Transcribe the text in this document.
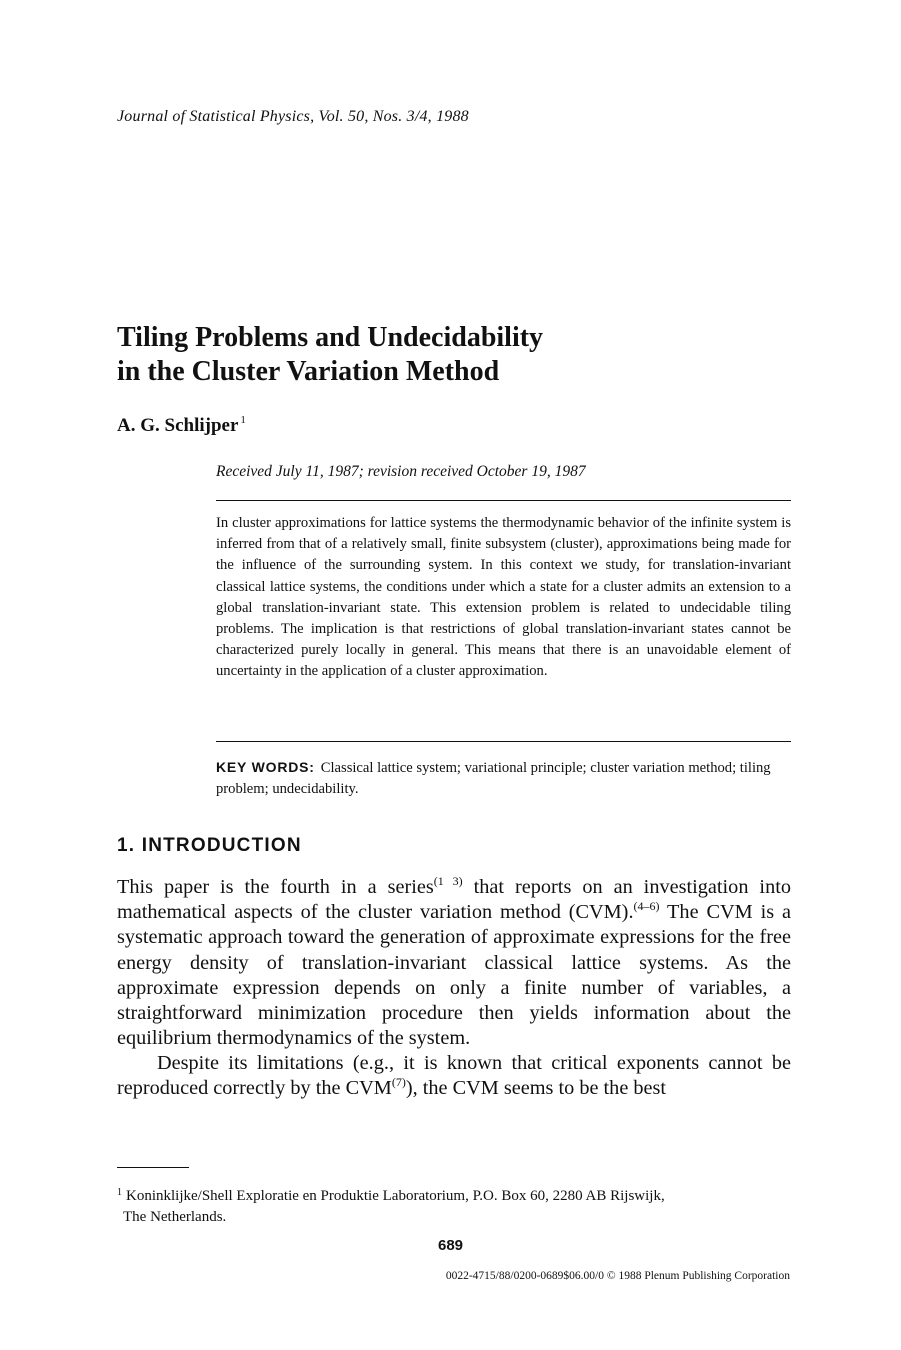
Journal of Statistical Physics, Vol. 50, Nos. 3/4, 1988
Tiling Problems and Undecidability
in the Cluster Variation Method
A. G. Schlijper $^1$
Received July 11, 1987; revision received October 19, 1987

In cluster approximations for lattice systems the thermodynamic behavior of the infinite system is inferred from that of a relatively small, finite subsystem (cluster), approximations being made for the influence of the surrounding system. In this context we study, for translation-invariant classical lattice systems, the conditions under which a state for a cluster admits an extension to a global translation-invariant state. This extension problem is related to undecidable tiling problems. The implication is that restrictions of global translation-invariant states cannot be characterized purely locally in general. This means that there is an unavoidable element of uncertainty in the application of a cluster approximation.

KEY WORDS: Classical lattice system; variational principle; cluster variation method; tiling problem; undecidability.

1. INTRODUCTION

This paper is the fourth in a series$^{(1 3)}$ that reports on an investigation into mathematical aspects of the cluster variation method (CVM).$^{(4-6)}$ The CVM is a systematic approach toward the generation of approximate expressions for the free energy density of translation-invariant classical lattice systems. As the approximate expression depends on only a finite number of variables, a straightforward minimization procedure then yields information about the equilibrium thermodynamics of the system.

Despite its limitations (e.g., it is known that critical exponents cannot be reproduced correctly by the CVM$^{(7)}$), the CVM seems to be the best

$^1$ Koninklijke/Shell Exploratie en Produktie Laboratorium, P.O. Box 60, 2280 AB Rijswijk,
The Netherlands.

689
0022-4715/88/0200-0689$06.00/0 © 1988 Plenum Publishing Corporation
